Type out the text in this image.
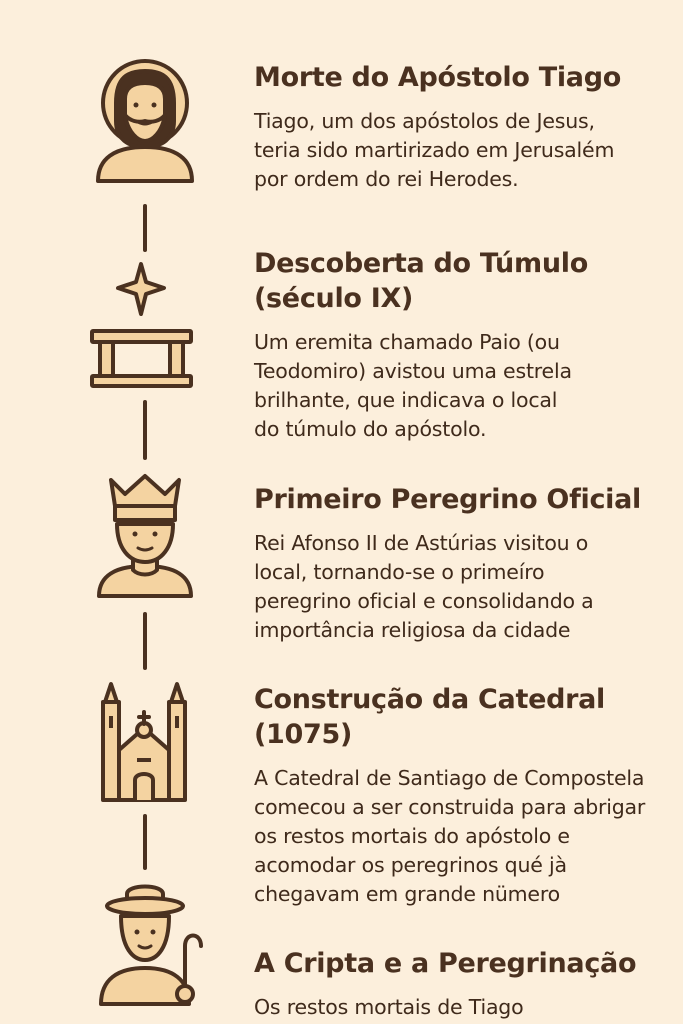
Morte do Apóstolo Tiago

Tiago, um dos apóstolos de Jesus,
teria sido martirizado em Jerusalém
por ordem do rei Herodes.

Descoberta do Túmulo
(século IX)

Um eremita chamado Paio (ou
Teodomiro) avistou uma estrela
brilhante, que indicava o local
do túmulo do apóstolo.

Primeiro Peregrino Oficial

Rei Afonso II de Astúrias visitou o
local, tornando-se o primeíro
peregrino oficial e consolidando a
importância religiosa da cidade

Construção da Catedral
(1075)

A Catedral de Santiago de Compostela
comecou a ser construida para abrigar
os restos mortais do apóstolo e
acomodar os peregrinos qué jà
chegavam em grande nümero

A Cripta e a Peregrinação

Os restos mortais de Tiago
